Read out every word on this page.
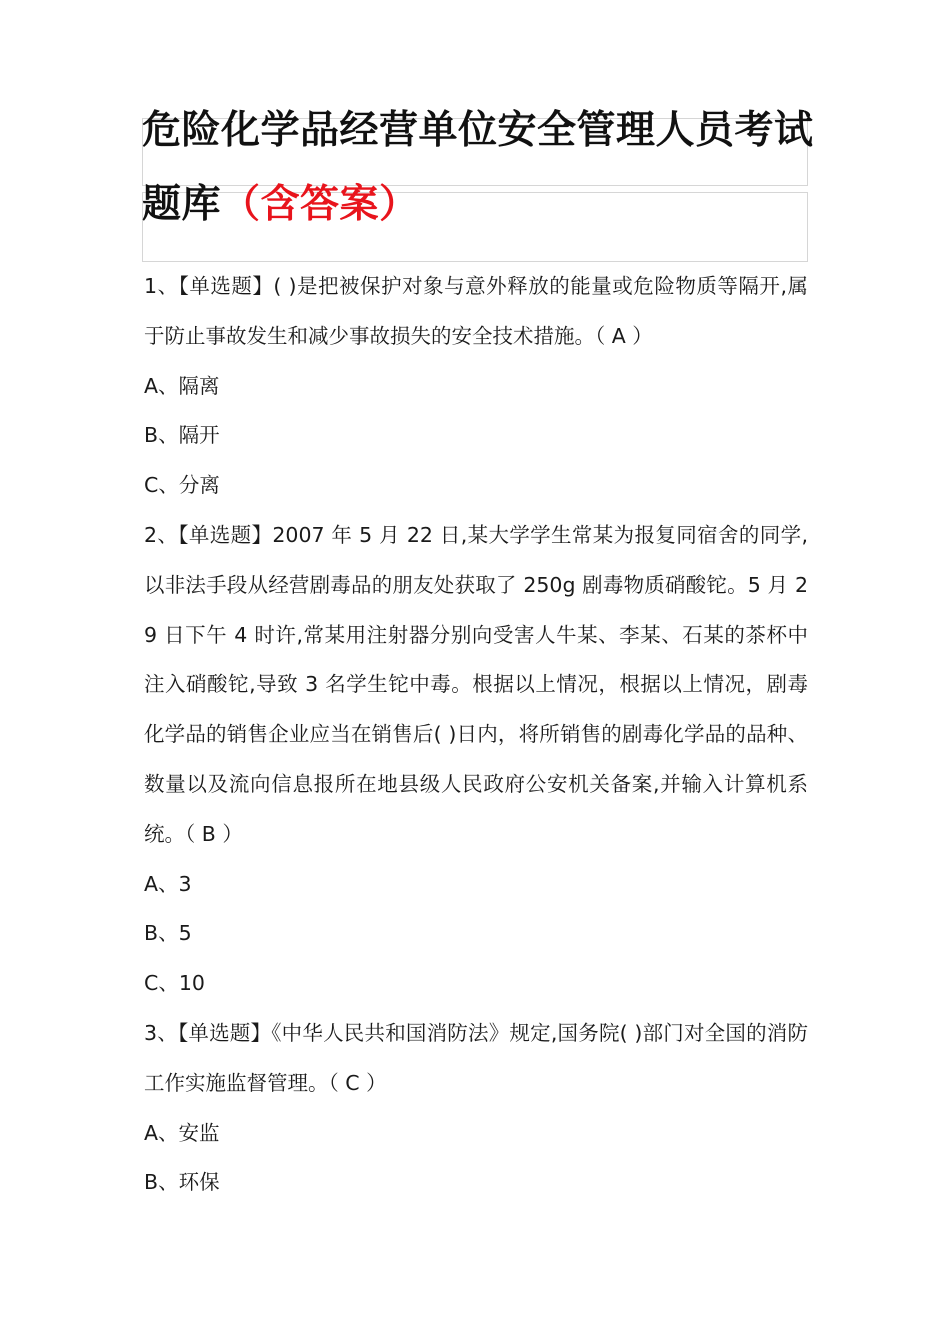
危险化学品经营单位安全管理人员考试
题库（含答案）

1、【单选题】( )是把被保护对象与意外释放的能量或危险物质等隔开,属于防止事故发生和减少事故损失的安全技术措施。（ A ）

A、隔离

B、隔开

C、分离

2、【单选题】2007 年 5 月 22 日,某大学学生常某为报复同宿舍的同学,以非法手段从经营剧毒品的朋友处获取了 250g 剧毒物质硝酸铊。5 月 29 日下午 4 时许,常某用注射器分别向受害人牛某、李某、石某的茶杯中注入硝酸铊,导致 3 名学生铊中毒。根据以上情况，根据以上情况，剧毒化学品的销售企业应当在销售后( )日内，将所销售的剧毒化学品的品种、数量以及流向信息报所在地县级人民政府公安机关备案,并输入计算机系统。（ B ）

A、3

B、5

C、10

3、【单选题】《中华人民共和国消防法》规定,国务院( )部门对全国的消防工作实施监督管理。（ C ）

A、安监

B、环保
